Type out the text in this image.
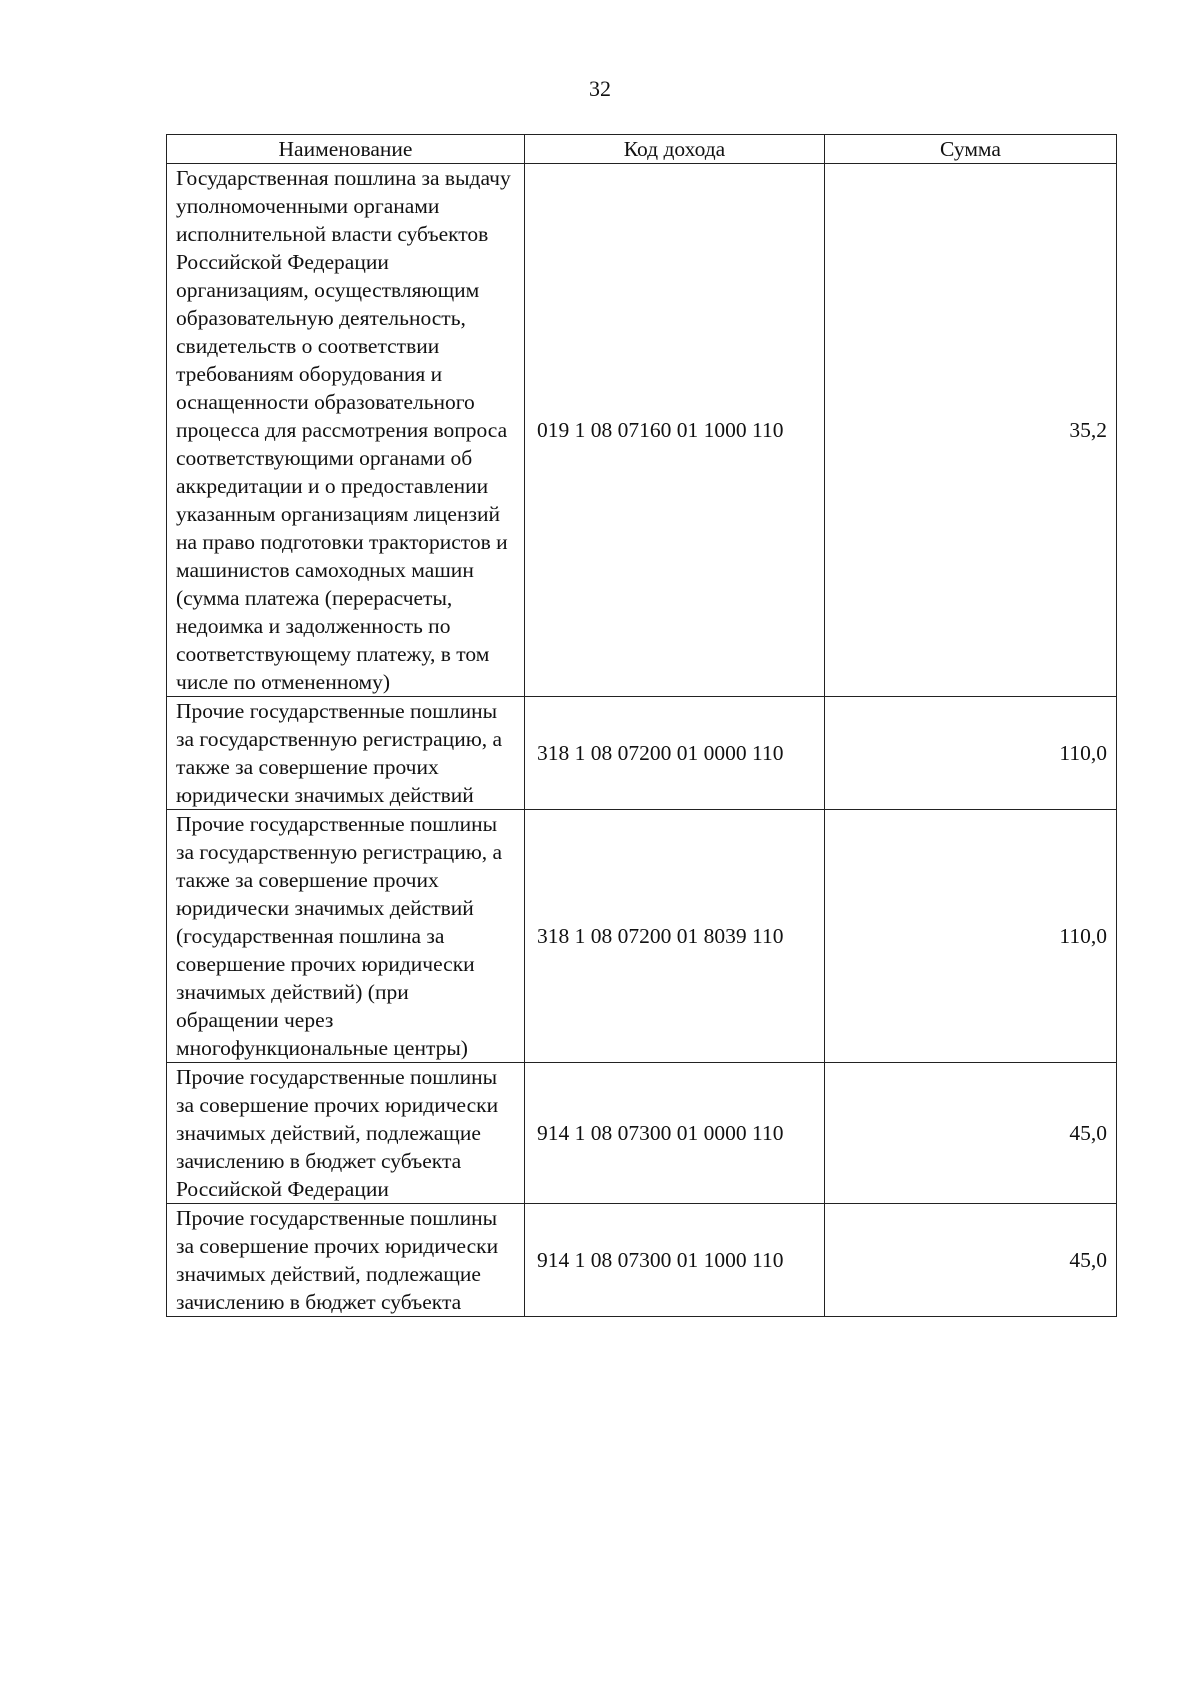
32
Наименование	Код дохода	Сумма
Государственная пошлина за выдачу уполномоченными органами исполнительной власти субъектов Российской Федерации организациям, осуществляющим образовательную деятельность, свидетельств о соответствии требованиям оборудования и оснащенности образовательного процесса для рассмотрения вопроса соответствующими органами об аккредитации и о предоставлении указанным организациям лицензий на право подготовки трактористов и машинистов самоходных машин (сумма платежа (перерасчеты, недоимка и задолженность по соответствующему платежу, в том числе по отмененному)	019 1 08 07160 01 1000 110	35,2
Прочие государственные пошлины за государственную регистрацию, а также за совершение прочих юридически значимых действий	318 1 08 07200 01 0000 110	110,0
Прочие государственные пошлины за государственную регистрацию, а также за совершение прочих юридически значимых действий (государственная пошлина за совершение прочих юридически значимых действий) (при обращении через многофункциональные центры)	318 1 08 07200 01 8039 110	110,0
Прочие государственные пошлины за совершение прочих юридически значимых действий, подлежащие зачислению в бюджет субъекта Российской Федерации	914 1 08 07300 01 0000 110	45,0
Прочие государственные пошлины за совершение прочих юридически значимых действий, подлежащие зачислению в бюджет субъекта	914 1 08 07300 01 1000 110	45,0
